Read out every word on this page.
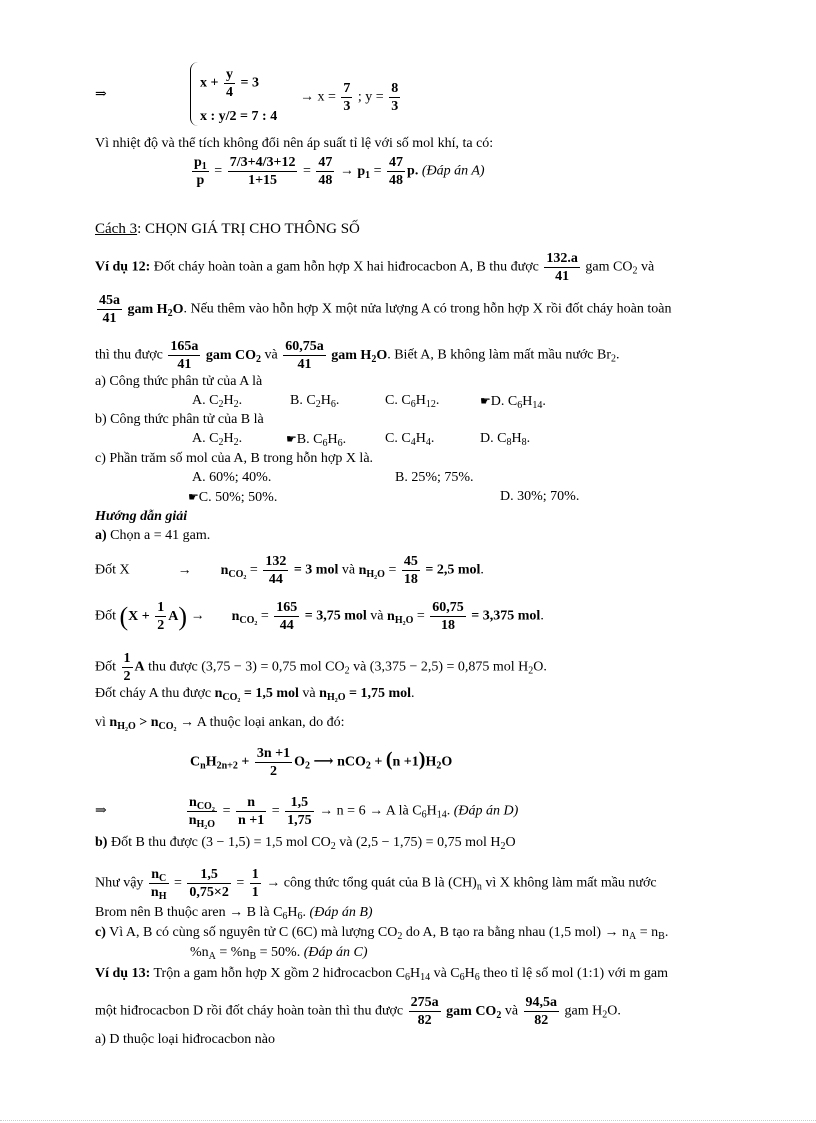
⇒
$x + \frac{y}{4} = 3$
x : y/2 = 7 : 4
→ $x = \frac{7}{3}$ ; $y = \frac{8}{3}$
Vì nhiệt độ và thể tích không đổi nên áp suất tỉ lệ với số mol khí, ta có:
$\frac{p_1}{p} = \frac{7/3+4/3+12}{1+15} = \frac{47}{48} \to p_1 = \frac{47}{48} p$. (Đáp án A)
Cách 3: CHỌN GIÁ TRỊ CHO THÔNG SỐ
Ví dụ 12: Đốt cháy hoàn toàn a gam hỗn hợp X hai hiđrocacbon A, B thu được $\frac{132.a}{41}$ gam $CO_2$ và
$\frac{45a}{41}$ gam $H_2O$. Nếu thêm vào hỗn hợp X một nửa lượng A có trong hỗn hợp X rồi đốt cháy hoàn toàn
thì thu được $\frac{165a}{41}$ gam $CO_2$ và $\frac{60,75a}{41}$ gam $H_2O$. Biết A, B không làm mất mầu nước $Br_2$.
a) Công thức phân tử của A là
A. $C_2H_2$.	B. $C_2H_6$.	C. $C_6H_{12}$.	☛D. $C_6H_{14}$.
b) Công thức phân tử của B là
A. $C_2H_2$.	☛B. $C_6H_6$.	C. $C_4H_4$.	D. $C_8H_8$.
c) Phần trăm số mol của A, B trong hỗn hợp X là.
A. 60%; 40%.	B. 25%; 75%.
☛C. 50%; 50%.	D. 30%; 70%.
Hướng dẫn giải
a) Chọn a = 41 gam.
Đốt X	→ $n_{CO_2} = \frac{132}{44} = 3$ mol và $n_{H_2O} = \frac{45}{18} = 2,5$ mol.
Đốt $(X + \frac{1}{2} A) \to n_{CO_2} = \frac{165}{44} = 3,75$ mol và $n_{H_2O} = \frac{60,75}{18} = 3,375$ mol.
Đốt $\frac{1}{2}$ A thu được (3,75 − 3) = 0,75 mol $CO_2$ và (3,375 − 2,5) = 0,875 mol $H_2O$.
Đốt cháy A thu được $n_{CO_2} = 1,5$ mol và $n_{H_2O} = 1,75$ mol.
vì $n_{H_2O} > n_{CO_2} \to A$ thuộc loại ankan, do đó:
$C_nH_{2n+2} + \frac{3n +1}{2} O_2$ ⟶ $nCO_2 + (n +1)H_2O$
⇒	$\frac{n_{CO_2}}{n_{H_2O}} = \frac{n}{n +1} = \frac{1,5}{1,75} \to n = 6 \to A$ là $C_6H_{14}$. (Đáp án D)
b) Đốt B thu được (3 − 1,5) = 1,5 mol $CO_2$ và (2,5 − 1,75) = 0,75 mol $H_2O$
Như vậy $\frac{n_C}{n_H} = \frac{1,5}{0,75\times 2} = \frac{1}{1}$ → công thức tổng quát của B là $(CH)_n$ vì X không làm mất mầu nước
Brom nên B thuộc aren → B là $C_6H_6$. (Đáp án B)
c) Vì A, B có cùng số nguyên tử C (6C) mà lượng $CO_2$ do A, B tạo ra bằng nhau (1,5 $mol) \to n_A = n_B$.
$\%n_A = \%n_B = 50\%$. (Đáp án C)
Ví dụ 13: Trộn a gam hỗn hợp X gồm 2 hiđrocacbon $C_6H_{14}$ và $C_6H_6$ theo tỉ lệ số mol (1:1) với m gam
một hiđrocacbon D rồi đốt cháy hoàn toàn thì thu được $\frac{275a}{82}$ gam $CO_2$ và $\frac{94,5a}{82}$ gam $H_2O$.
a) D thuộc loại hiđrocacbon nào
